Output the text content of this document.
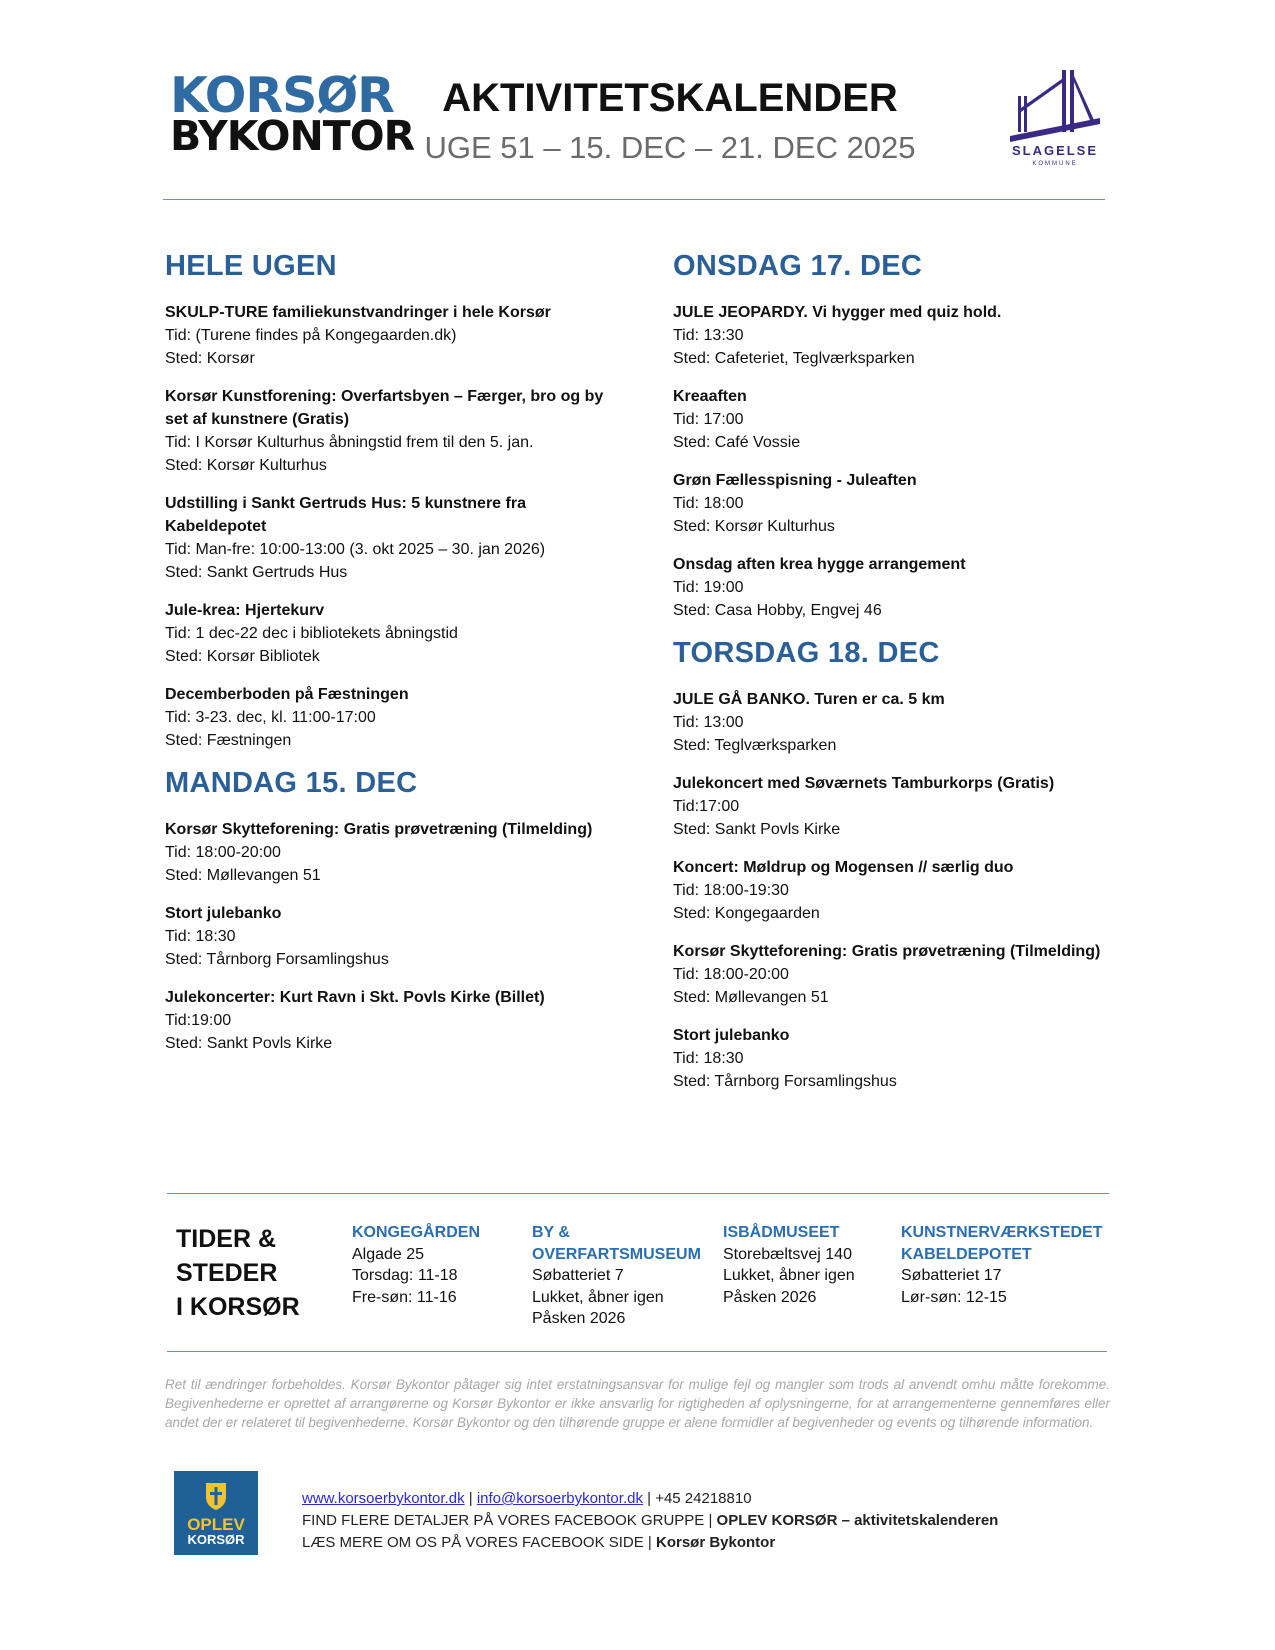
KORSØR
BYKONTOR
AKTIVITETSKALENDER
UGE 51 – 15. DEC – 21. DEC 2025	SLAGELSE
KOMMUNE
HELE UGEN
SKULP-TURE familiekunstvandringer i hele Korsør
Tid: (Turene findes på Kongegaarden.dk)
Sted: Korsør
Korsør Kunstforening: Overfartsbyen – Færger, bro og by set af kunstnere (Gratis)
Tid: I Korsør Kulturhus åbningstid frem til den 5. jan.
Sted: Korsør Kulturhus
Udstilling i Sankt Gertruds Hus: 5 kunstnere fra Kabeldepotet
Tid: Man-fre: 10:00-13:00 (3. okt 2025 – 30. jan 2026)
Sted: Sankt Gertruds Hus
Jule-krea: Hjertekurv
Tid: 1 dec-22 dec i bibliotekets åbningstid
Sted: Korsør Bibliotek
Decemberboden på Fæstningen
Tid: 3-23. dec, kl. 11:00-17:00
Sted: Fæstningen
MANDAG 15. DEC
Korsør Skytteforening: Gratis prøvetræning (Tilmelding)
Tid: 18:00-20:00
Sted: Møllevangen 51
Stort julebanko
Tid: 18:30
Sted: Tårnborg Forsamlingshus
Julekoncerter: Kurt Ravn i Skt. Povls Kirke (Billet)
Tid:19:00
Sted: Sankt Povls Kirke
ONSDAG 17. DEC
JULE JEOPARDY. Vi hygger med quiz hold.
Tid: 13:30
Sted: Cafeteriet, Teglværksparken
Kreaaften
Tid: 17:00
Sted: Café Vossie
Grøn Fællesspisning - Juleaften
Tid: 18:00
Sted: Korsør Kulturhus
Onsdag aften krea hygge arrangement
Tid: 19:00
Sted: Casa Hobby, Engvej 46
TORSDAG 18. DEC
JULE GÅ BANKO. Turen er ca. 5 km
Tid: 13:00
Sted: Teglværksparken
Julekoncert med Søværnets Tamburkorps (Gratis)
Tid:17:00
Sted: Sankt Povls Kirke
Koncert: Møldrup og Mogensen // særlig duo
Tid: 18:00-19:30
Sted: Kongegaarden
Korsør Skytteforening: Gratis prøvetræning (Tilmelding)
Tid: 18:00-20:00
Sted: Møllevangen 51
Stort julebanko
Tid: 18:30
Sted: Tårnborg Forsamlingshus
TIDER &
STEDER
I KORSØR
KONGEGÅRDEN
Algade 25
Torsdag: 11-18
Fre-søn: 11-16
BY &
OVERFARTSMUSEUM
Søbatteriet 7
Lukket, åbner igen
Påsken 2026
ISBÅDMUSEET
Storebæltsvej 140
Lukket, åbner igen
Påsken 2026
KUNSTNERVÆRKSTEDET
KABELDEPOTET
Søbatteriet 17
Lør-søn: 12-15
Ret til ændringer forbeholdes. Korsør Bykontor påtager sig intet erstatningsansvar for mulige fejl og mangler som trods al anvendt omhu måtte forekomme. Begivenhederne er oprettet af arrangørerne og Korsør Bykontor er ikke ansvarlig for rigtigheden af oplysningerne, for at arrangementerne gennemføres eller andet der er relateret til begivenhederne. Korsør Bykontor og den tilhørende gruppe er alene formidler af begivenheder og events og tilhørende information.
OPLEV
KORSØR
www.korsoerbykontor.dk | info@korsoerbykontor.dk | +45 24218810
FIND FLERE DETALJER PÅ VORES FACEBOOK GRUPPE | OPLEV KORSØR – aktivitetskalenderen
LÆS MERE OM OS PÅ VORES FACEBOOK SIDE | Korsør Bykontor
